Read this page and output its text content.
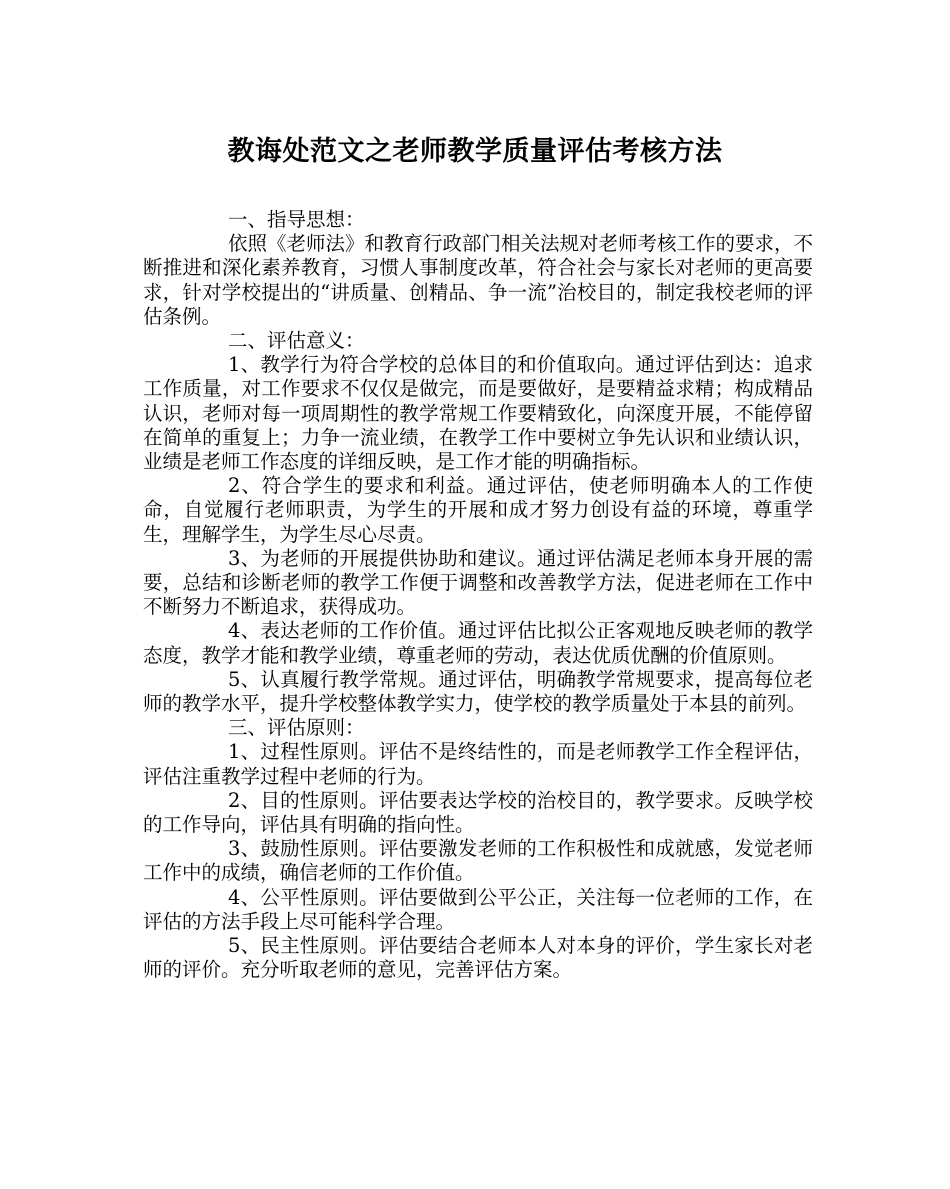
教诲处范文之老师教学质量评估考核方法

一、指导思想：

依照《老师法》和教育行政部门相关法规对老师考核工作的要求，不断推进和深化素养教育，习惯人事制度改革，符合社会与家长对老师的更高要求，针对学校提出的“讲质量、创精品、争一流”治校目的，制定我校老师的评估条例。

二、评估意义：

1、教学行为符合学校的总体目的和价值取向。通过评估到达：追求工作质量，对工作要求不仅仅是做完，而是要做好，是要精益求精；构成精品认识，老师对每一项周期性的教学常规工作要精致化，向深度开展，不能停留在简单的重复上；力争一流业绩，在教学工作中要树立争先认识和业绩认识，业绩是老师工作态度的详细反映，是工作才能的明确指标。

2、符合学生的要求和利益。通过评估，使老师明确本人的工作使命，自觉履行老师职责，为学生的开展和成才努力创设有益的环境，尊重学生，理解学生，为学生尽心尽责。

3、为老师的开展提供协助和建议。通过评估满足老师本身开展的需要，总结和诊断老师的教学工作便于调整和改善教学方法，促进老师在工作中不断努力不断追求，获得成功。

4、表达老师的工作价值。通过评估比拟公正客观地反映老师的教学态度，教学才能和教学业绩，尊重老师的劳动，表达优质优酬的价值原则。

5、认真履行教学常规。通过评估，明确教学常规要求，提高每位老师的教学水平，提升学校整体教学实力，使学校的教学质量处于本县的前列。

三、评估原则：

1、过程性原则。评估不是终结性的，而是老师教学工作全程评估，评估注重教学过程中老师的行为。

2、目的性原则。评估要表达学校的治校目的，教学要求。反映学校的工作导向，评估具有明确的指向性。

3、鼓励性原则。评估要激发老师的工作积极性和成就感，发觉老师工作中的成绩，确信老师的工作价值。

4、公平性原则。评估要做到公平公正，关注每一位老师的工作，在评估的方法手段上尽可能科学合理。

5、民主性原则。评估要结合老师本人对本身的评价，学生家长对老师的评价。充分听取老师的意见，完善评估方案。
